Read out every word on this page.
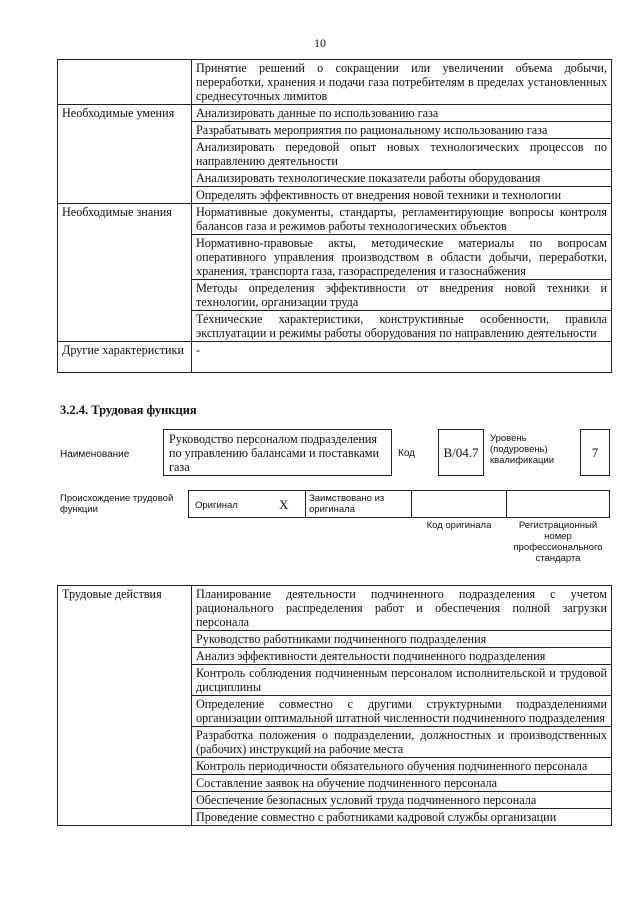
10
	Принятие решений о сокращении или увеличении объема добычи, переработки, хранения и подачи газа потребителям в пределах установленных среднесуточных лимитов
Необходимые умения	Анализировать данные по использованию газа
	Разрабатывать мероприятия по рациональному использованию газа
	Анализировать передовой опыт новых технологических процессов по направлению деятельности
	Анализировать технологические показатели работы оборудования
	Определять эффективность от внедрения новой техники и технологии
Необходимые знания	Нормативные документы, стандарты, регламентирующие вопросы контроля балансов газа и режимов работы технологических объектов
	Нормативно-правовые акты, методические материалы по вопросам оперативного управления производством в области добычи, переработки, хранения, транспорта газа, газораспределения и газоснабжения
	Методы определения эффективности от внедрения новой техники и технологии, организации труда
	Технические характеристики, конструктивные особенности, правила эксплуатации и режимы работы оборудования по направлению деятельности
Другие характеристики	-
3.2.4. Трудовая функция
Наименование
Руководство персоналом подразделения по управлению балансами и поставками газа
Код	В/04.7
Уровень (подуровень) квалификации
7
Происхождение трудовой функции	Оригинал	X Заимствовано из оригинала
Код оригинала	Регистрационный номер профессионального стандарта
Трудовые действия	Планирование деятельности подчиненного подразделения с учетом рационального распределения работ и обеспечения полной загрузки персонала
Руководство работниками подчиненного подразделения
Анализ эффективности деятельности подчиненного подразделения
Контроль соблюдения подчиненным персоналом исполнительской и трудовой дисциплины
Определение совместно с другими структурными подразделениями организации оптимальной штатной численности подчиненного подразделения
Разработка положения о подразделении, должностных и производственных (рабочих) инструкций на рабочие места
Контроль периодичности обязательного обучения подчиненного персонала
Составление заявок на обучение подчиненного персонала
Обеспечение безопасных условий труда подчиненного персонала
Проведение совместно с работниками кадровой службы организации
